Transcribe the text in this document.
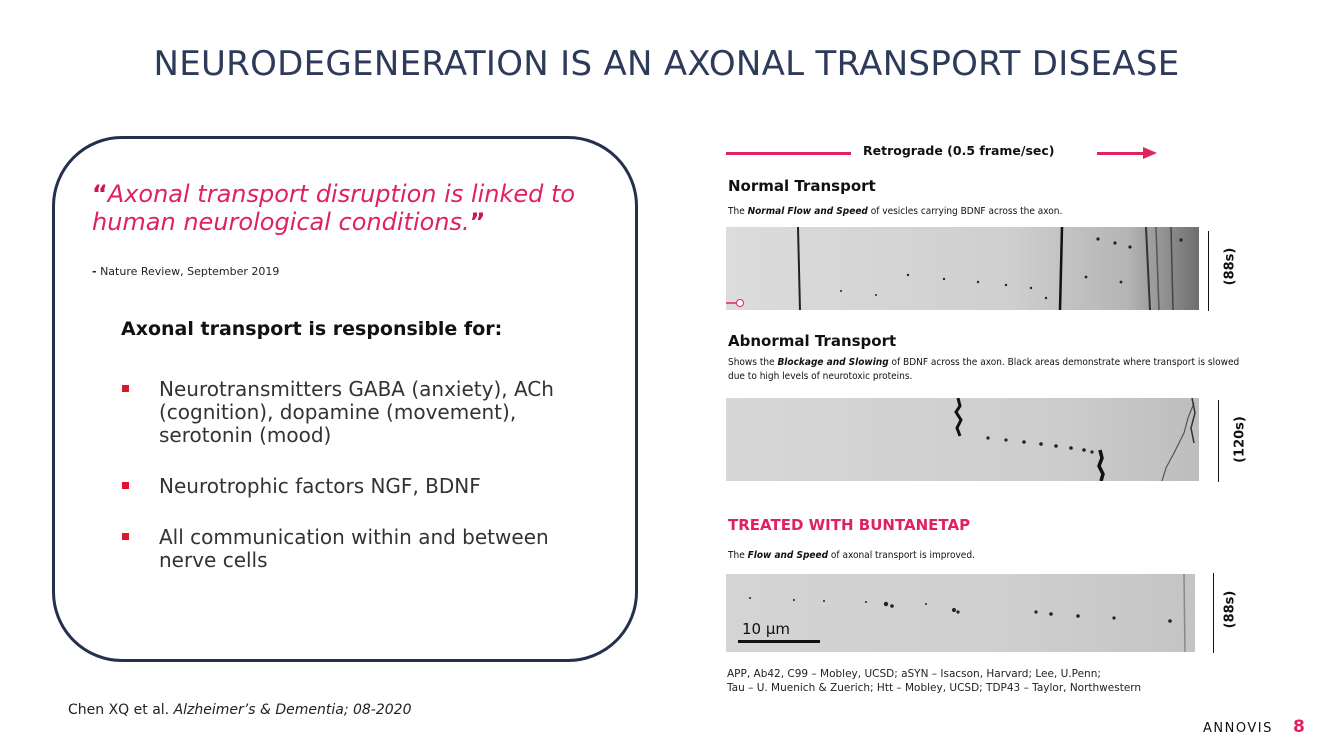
NEURODEGENERATION IS AN AXONAL TRANSPORT DISEASE
“Axonal transport disruption is linked to human neurological conditions.”
- Nature Review, September 2019
Axonal transport is responsible for:
Neurotransmitters GABA (anxiety), ACh (cognition), dopamine (movement), serotonin (mood)
Neurotrophic factors NGF, BDNF
All communication within and between nerve cells
Chen XQ et al. Alzheimer’s & Dementia; 08-2020
Retrograde (0.5 frame/sec)
Normal Transport
The Normal Flow and Speed of vesicles carrying BDNF across the axon.
(88s)
Abnormal Transport
Shows the Blockage and Slowing of BDNF across the axon. Black areas demonstrate where transport is slowed due to high levels of neurotoxic proteins.
(120s)
TREATED WITH BUNTANETAP
The Flow and Speed of axonal transport is improved.
10 μm
(88s)
APP, Ab42, C99 – Mobley, UCSD; aSYN – Isacson, Harvard; Lee, U.Penn;
Tau – U. Muenich & Zuerich; Htt – Mobley, UCSD; TDP43 – Taylor, Northwestern
ANNOVIS 8
